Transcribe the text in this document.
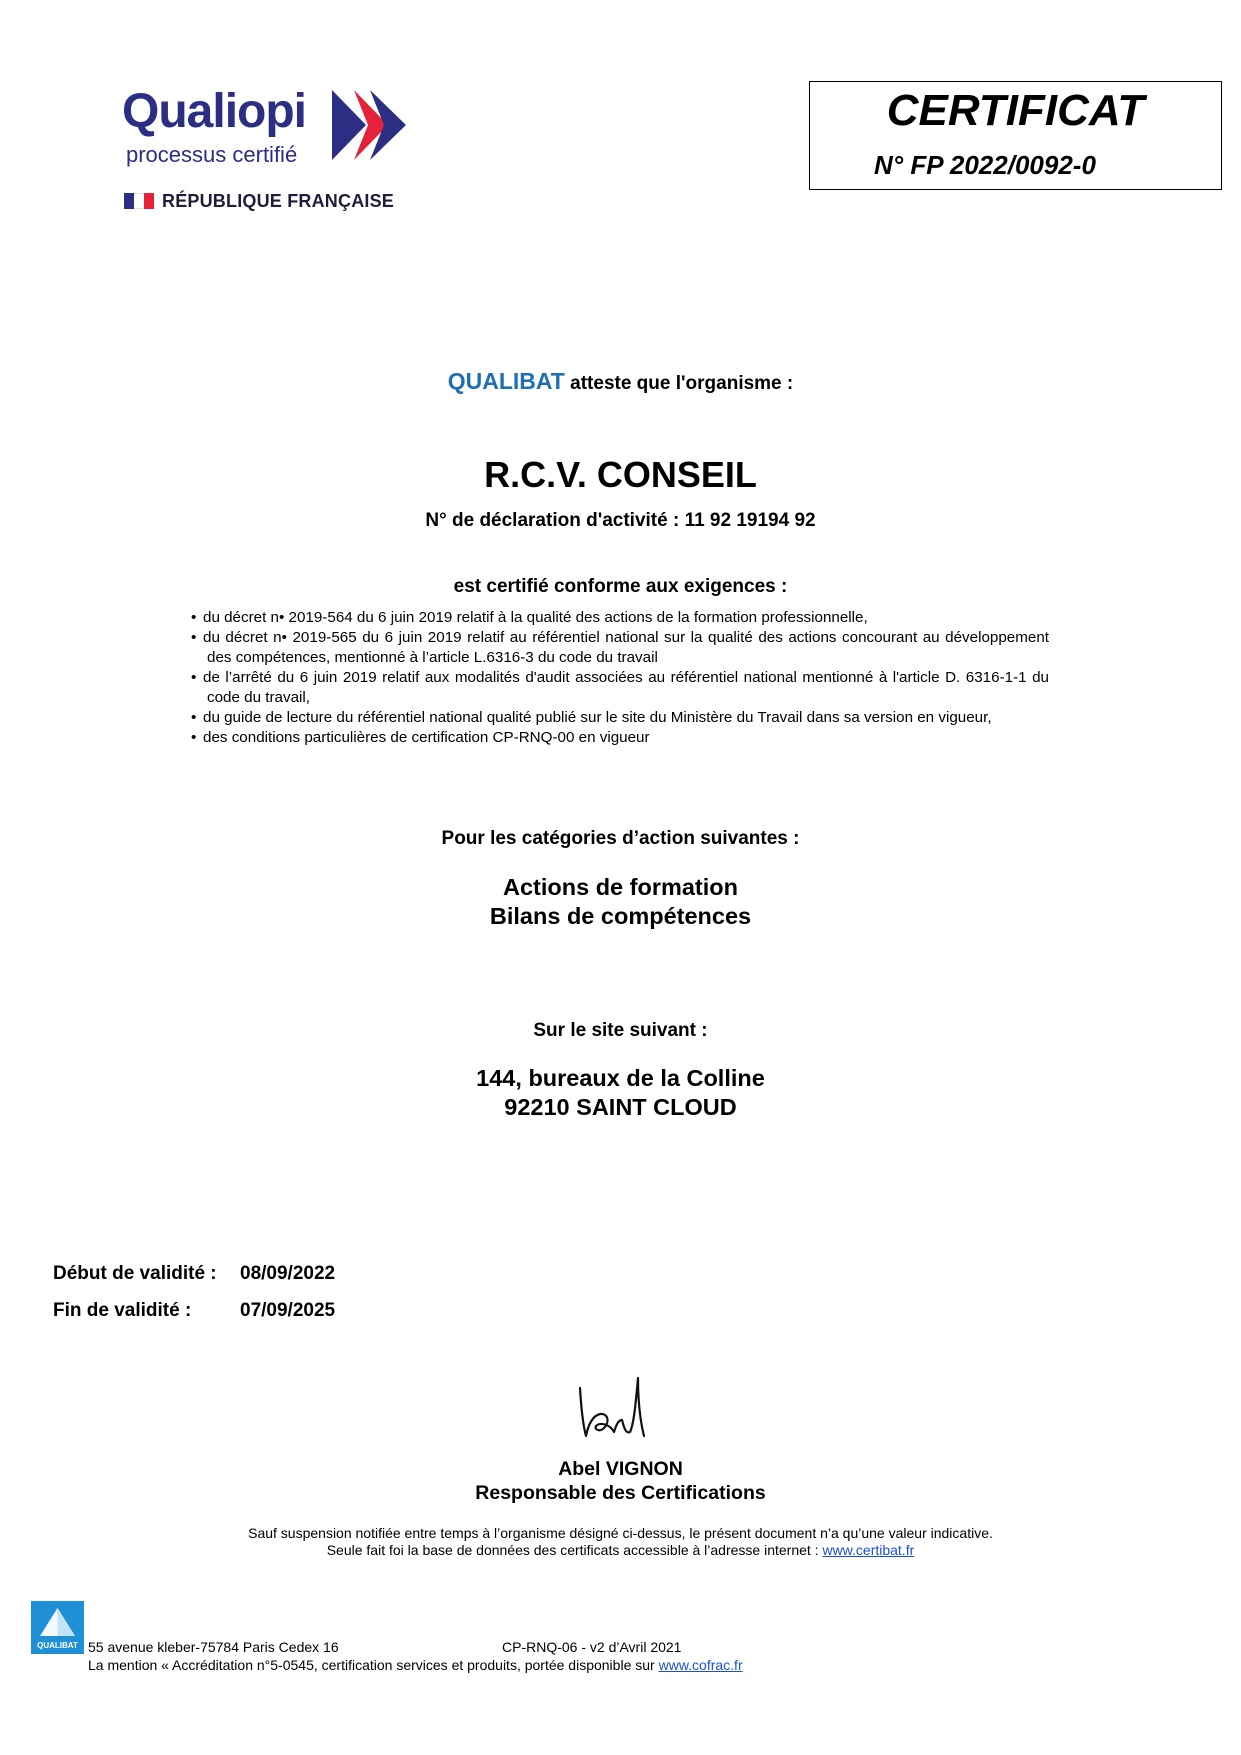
Qualiopi
processus certifié
RÉPUBLIQUE FRANÇAISE
CERTIFICAT
N° FP 2022/0092-0
QUALIBAT atteste que l'organisme :
R.C.V. CONSEIL
N° de déclaration d'activité : 11 92 19194 92
est certifié conforme aux exigences :
• du décret n• 2019-564 du 6 juin 2019 relatif à la qualité des actions de la formation professionnelle,
• du décret n• 2019-565 du 6 juin 2019 relatif au référentiel national sur la qualité des actions concourant au développement des compétences, mentionné à l’article L.6316-3 du code du travail
• de l’arrêté du 6 juin 2019 relatif aux modalités d'audit associées au référentiel national mentionné à l'article D. 6316-1-1 du code du travail,
• du guide de lecture du référentiel national qualité publié sur le site du Ministère du Travail dans sa version en vigueur,
• des conditions particulières de certification CP-RNQ-00 en vigueur
Pour les catégories d’action suivantes :
Actions de formation
Bilans de compétences
Sur le site suivant :
144, bureaux de la Colline
92210 SAINT CLOUD
Début de validité : 08/09/2022
Fin de validité :	07/09/2025
Abel VIGNON
Responsable des Certifications
Sauf suspension notifiée entre temps à l’organisme désigné ci-dessus, le présent document n’a qu’une valeur indicative.
Seule fait foi la base de données des certificats accessible à l’adresse internet : www.certibat.fr
QUALIBAT 55 avenue kleber-75784 Paris Cedex 16	CP-RNQ-06 - v2 d’Avril 2021
La mention « Accréditation n°5-0545, certification services et produits, portée disponible sur www.cofrac.fr
